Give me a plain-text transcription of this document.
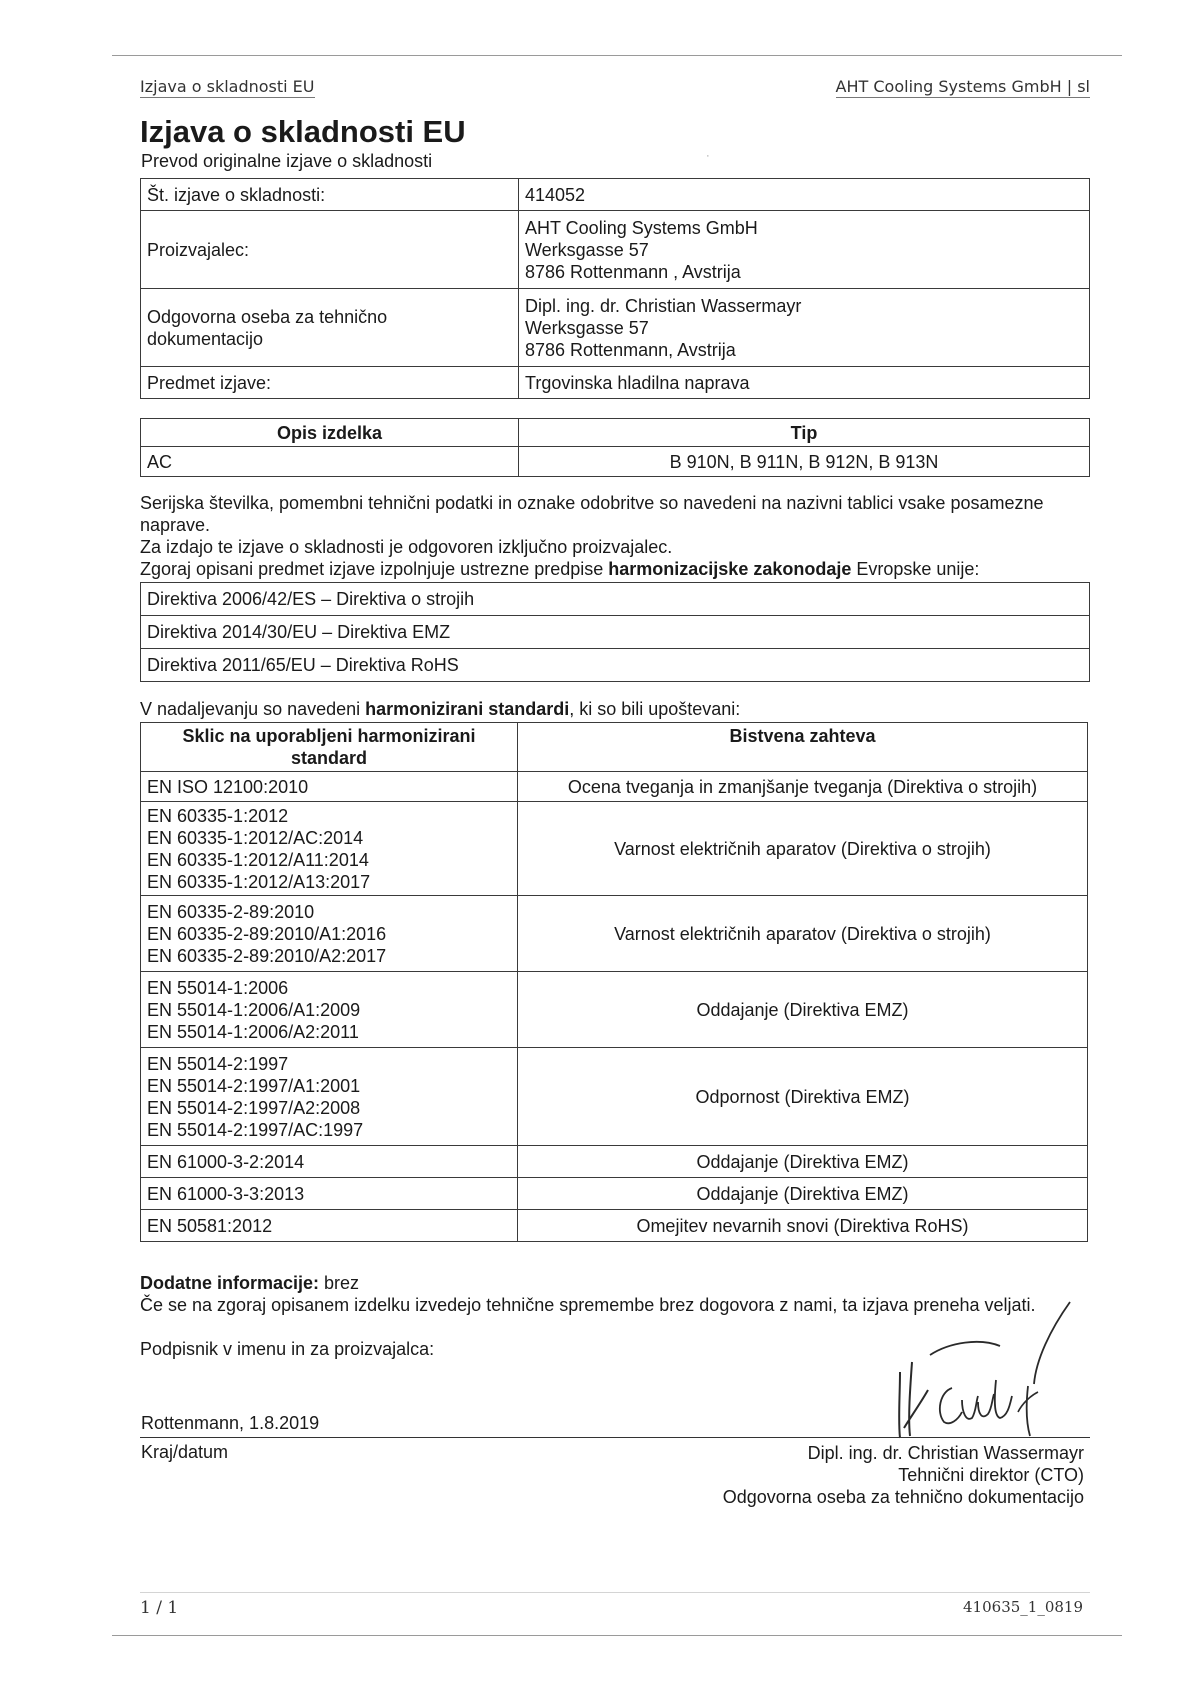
Izjava o skladnosti EU	AHT Cooling Systems GmbH | sl
Izjava o skladnosti EU

Prevod originalne izjave o skladnosti	·
Št. izjave o skladnosti:	414052
Proizvajalec:	AHT Cooling Systems GmbH
Werksgasse 57
8786 Rottenmann , Avstrija
Odgovorna oseba za tehnično
dokumentacijo	Dipl. ing. dr. Christian Wassermayr
Werksgasse 57
8786 Rottenmann, Avstrija
Predmet izjave:	Trgovinska hladilna naprava
Opis izdelka	Tip
AC	B 910N, B 911N, B 912N, B 913N

Serijska številka, pomembni tehnični podatki in oznake odobritve so navedeni na nazivni tablici vsake posamezne naprave.

Za izdajo te izjave o skladnosti je odgovoren izključno proizvajalec.

Zgoraj opisani predmet izjave izpolnjuje ustrezne predpise harmonizacijske zakonodaje Evropske unije:

Direktiva 2006/42/ES – Direktiva o strojih
Direktiva 2014/30/EU – Direktiva EMZ
Direktiva 2011/65/EU – Direktiva RoHS

V nadaljevanju so navedeni harmonizirani standardi, ki so bili upoštevani:

Sklic na uporabljeni harmonizirani
standard	Bistvena zahteva
EN ISO 12100:2010	Ocena tveganja in zmanjšanje tveganja (Direktiva o strojih)
EN 60335-1:2012
EN 60335-1:2012/AC:2014
EN 60335-1:2012/A11:2014
EN 60335-1:2012/A13:2017	Varnost električnih aparatov (Direktiva o strojih)
EN 60335-2-89:2010
EN 60335-2-89:2010/A1:2016
EN 60335-2-89:2010/A2:2017	Varnost električnih aparatov (Direktiva o strojih)
EN 55014-1:2006
EN 55014-1:2006/A1:2009
EN 55014-1:2006/A2:2011	Oddajanje (Direktiva EMZ)
EN 55014-2:1997
EN 55014-2:1997/A1:2001
EN 55014-2:1997/A2:2008
EN 55014-2:1997/AC:1997	Odpornost (Direktiva EMZ)
EN 61000-3-2:2014	Oddajanje (Direktiva EMZ)
EN 61000-3-3:2013	Oddajanje (Direktiva EMZ)
EN 50581:2012	Omejitev nevarnih snovi (Direktiva RoHS)

Dodatne informacije: brez

Če se na zgoraj opisanem izdelku izvedejo tehnične spremembe brez dogovora z nami, ta izjava preneha veljati.

Podpisnik v imenu in za proizvajalca:

Rottenmann, 1.8.2019
Kraj/datum	Dipl. ing. dr. Christian Wassermayr
Tehnični direktor (CTO)
Odgovorna oseba za tehnično dokumentacijo
1 / 1	410635_1_0819
